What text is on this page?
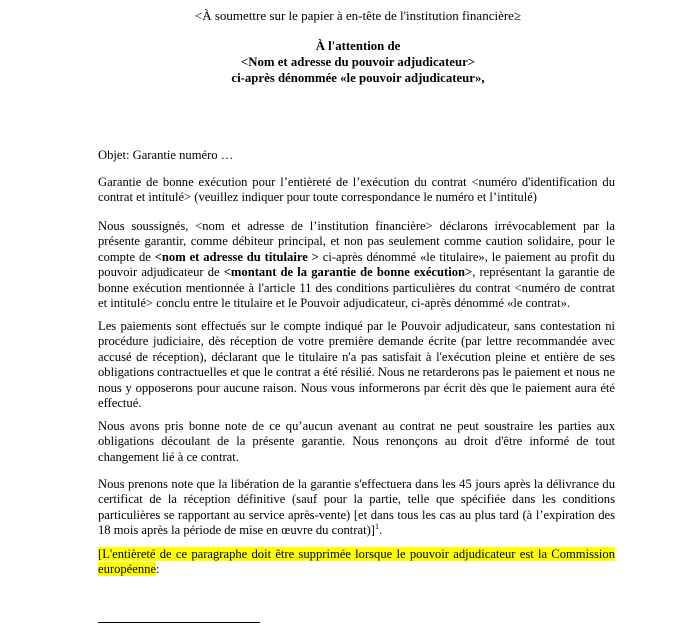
<À soumettre sur le papier à en-tête de l'institution financière≥
À l'attention de
<Nom et adresse du pouvoir adjudicateur>
ci-après dénommée «le pouvoir adjudicateur»,
Objet: Garantie numéro …
Garantie de bonne exécution pour l’entièreté de l’exécution du contrat <numéro d'identification du contrat et intitulé> (veuillez indiquer pour toute correspondance le numéro et l’intitulé)
Nous soussignés, <nom et adresse de l’institution financière> déclarons irrévocablement par la présente garantir, comme débiteur principal, et non pas seulement comme caution solidaire, pour le compte de <nom et adresse du titulaire > ci-après dénommé «le titulaire», le paiement au profit du pouvoir adjudicateur de <montant de la garantie de bonne exécution>, représentant la garantie de bonne exécution mentionnée à l'article 11 des conditions particulières du contrat <numéro de contrat et intitulé> conclu entre le titulaire et le Pouvoir adjudicateur, ci-après dénommé «le contrat».
Les paiements sont effectués sur le compte indiqué par le Pouvoir adjudicateur, sans contestation ni procédure judiciaire, dès réception de votre première demande écrite (par lettre recommandée avec accusé de réception), déclarant que le titulaire n'a pas satisfait à l'exécution pleine et entière de ses obligations contractuelles et que le contrat a été résilié. Nous ne retarderons pas le paiement et nous ne nous y opposerons pour aucune raison. Nous vous informerons par écrit dès que le paiement aura été effectué.
Nous avons pris bonne note de ce qu’aucun avenant au contrat ne peut soustraire les parties aux obligations découlant de la présente garantie. Nous renonçons au droit d'être informé de tout changement lié à ce contrat.
Nous prenons note que la libération de la garantie s'effectuera dans les 45 jours après la délivrance du certificat de la réception définitive (sauf pour la partie, telle que spécifiée dans les conditions particulières se rapportant au service après-vente) [et dans tous les cas au plus tard (à l’expiration des 18 mois après la période de mise en œuvre du contrat)]$^1$.
[L'entièreté de ce paragraphe doit être supprimée lorsque le pouvoir adjudicateur est la Commission européenne:
